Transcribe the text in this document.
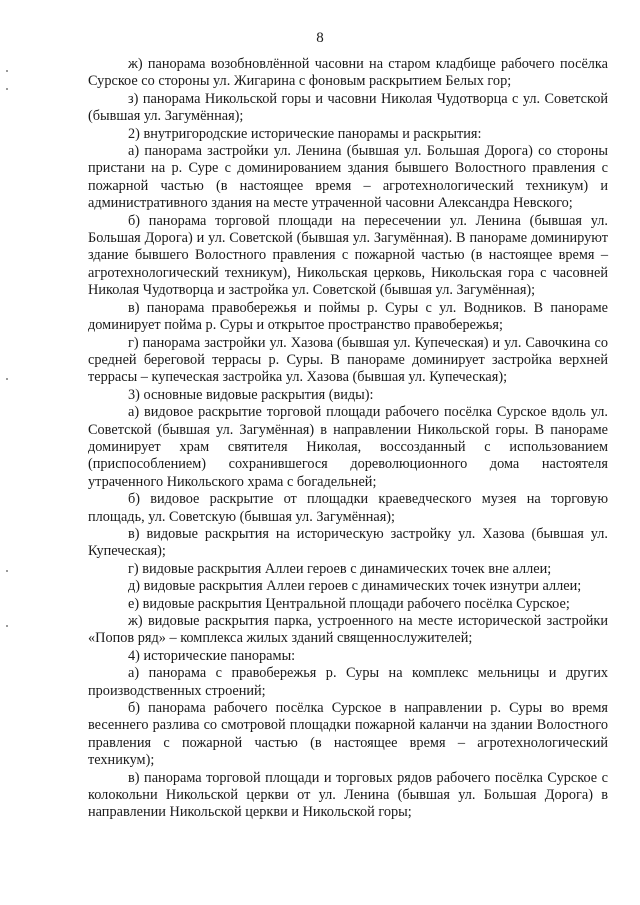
8

ж) панорама возобновлённой часовни на старом кладбище рабочего посёлка Сурское со стороны ул. Жигарина с фоновым раскрытием Белых гор;

з) панорама Никольской горы и часовни Николая Чудотворца с ул. Советской (бывшая ул. Загумённая);

2) внутригородские исторические панорамы и раскрытия:

а) панорама застройки ул. Ленина (бывшая ул. Большая Дорога) со стороны пристани на р. Суре с доминированием здания бывшего Волостного правления с пожарной частью (в настоящее время – агротехнологический техникум) и административного здания на месте утраченной часовни Александра Невского;

б) панорама торговой площади на пересечении ул. Ленина (бывшая ул. Большая Дорога) и ул. Советской (бывшая ул. Загумённая). В панораме доминируют здание бывшего Волостного правления с пожарной частью (в настоящее время – агротехнологический техникум), Никольская церковь, Никольская гора с часовней Николая Чудотворца и застройка ул. Советской (бывшая ул. Загумённая);

в) панорама правобережья и поймы р. Суры с ул. Водников. В панораме доминирует пойма р. Суры и открытое пространство правобережья;

г) панорама застройки ул. Хазова (бывшая ул. Купеческая) и ул. Савочкина со средней береговой террасы р. Суры. В панораме доминирует застройка верхней террасы – купеческая застройка ул. Хазова (бывшая ул. Купеческая);

3) основные видовые раскрытия (виды):

а) видовое раскрытие торговой площади рабочего посёлка Сурское вдоль ул. Советской (бывшая ул. Загумённая) в направлении Никольской горы. В панораме доминирует храм святителя Николая, воссозданный с использованием (приспособлением) сохранившегося дореволюционного дома настоятеля утраченного Никольского храма с богадельней;

б) видовое раскрытие от площадки краеведческого музея на торговую площадь, ул. Советскую (бывшая ул. Загумённая);

в) видовые раскрытия на историческую застройку ул. Хазова (бывшая ул. Купеческая);

г) видовые раскрытия Аллеи героев с динамических точек вне аллеи;

д) видовые раскрытия Аллеи героев с динамических точек изнутри аллеи;

е) видовые раскрытия Центральной площади рабочего посёлка Сурское;

ж) видовые раскрытия парка, устроенного на месте исторической застройки «Попов ряд» – комплекса жилых зданий священнослужителей;

4) исторические панорамы:

а) панорама с правобережья р. Суры на комплекс мельницы и других производственных строений;

б) панорама рабочего посёлка Сурское в направлении р. Суры во время весеннего разлива со смотровой площадки пожарной каланчи на здании Волостного правления с пожарной частью (в настоящее время – агротехнологический техникум);

в) панорама торговой площади и торговых рядов рабочего посёлка Сурское с колокольни Никольской церкви от ул. Ленина (бывшая ул. Большая Дорога) в направлении Никольской церкви и Никольской горы;
